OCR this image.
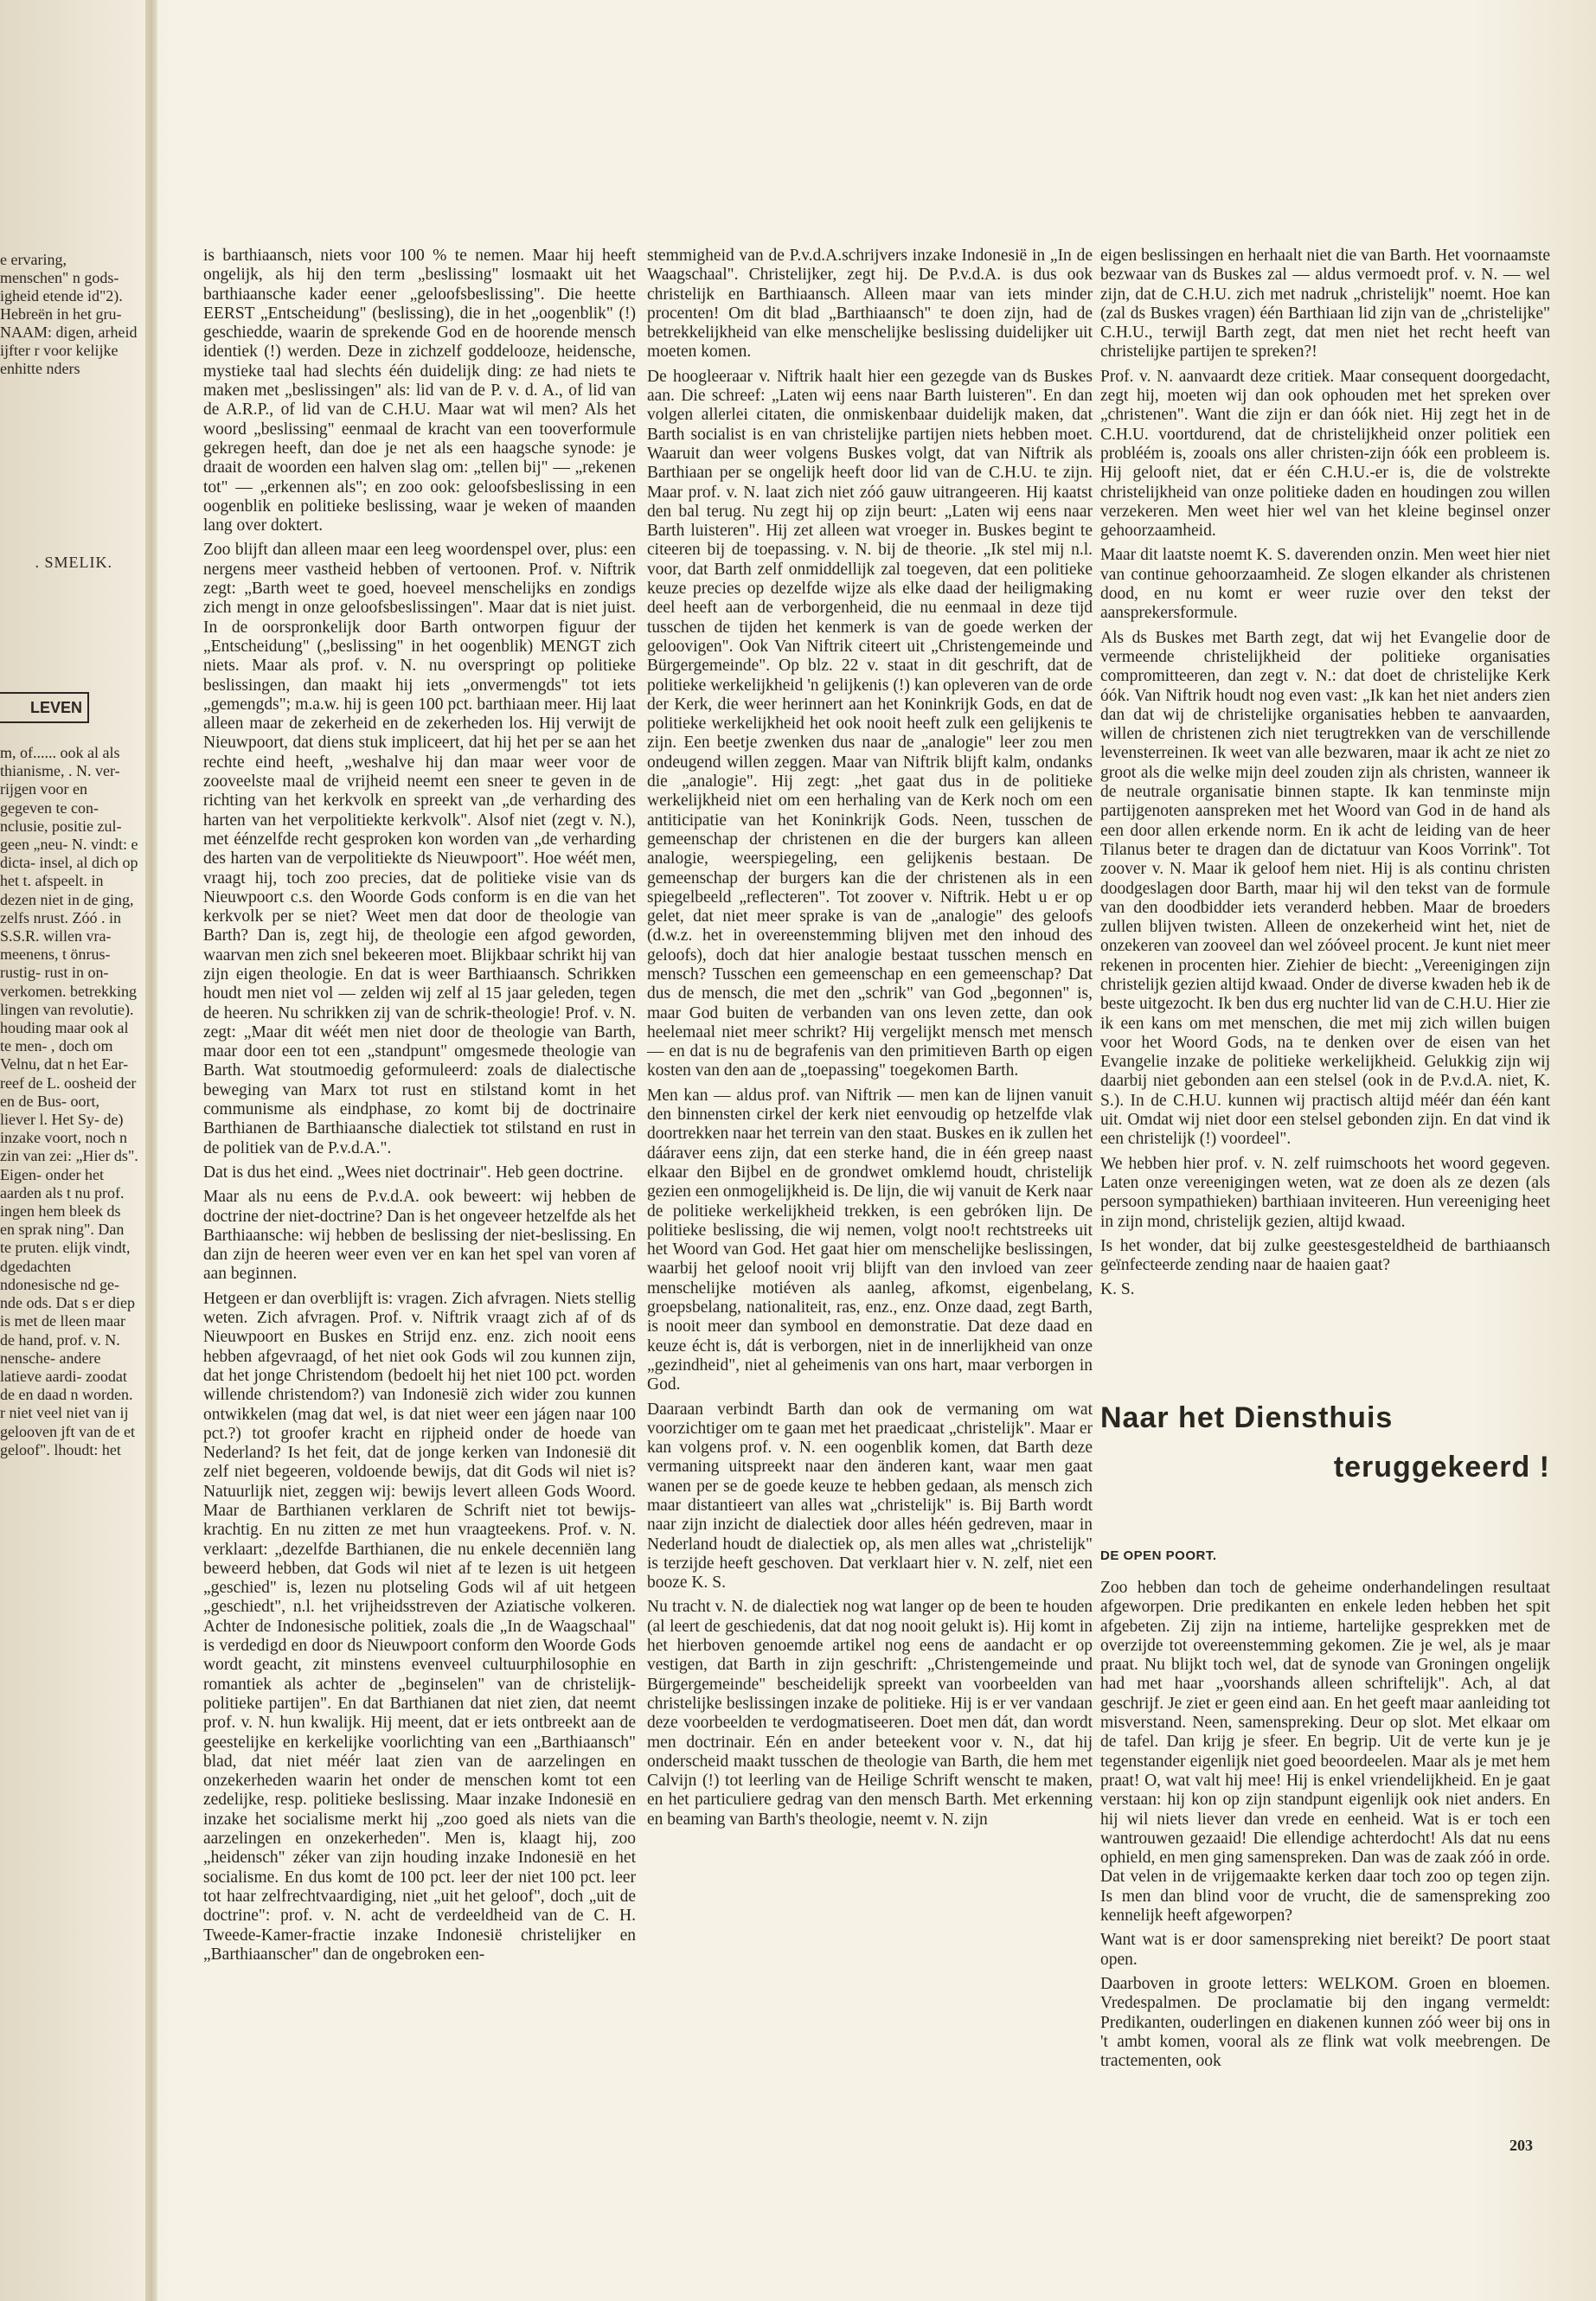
e ervaring, menschen" n gods- igheid etende id"2). Hebreën in het gru- NAAM: digen, arheid ijfter r voor kelijke enhitte nders
. SMELIK.
LEVEN
m, of...... ook al als thianisme, . N. ver- rijgen voor en gegeven te con- nclusie, positie zul- geen „neu- N. vindt: e dicta- insel, al dich op het t. afspeelt. in dezen niet in de ging, zelfs nrust. Zóó . in S.S.R. willen vra- meenens, t önrus- rustig- rust in on- verkomen. betrekking lingen van revolutie). houding maar ook al te men- , doch om Velnu, dat n het Ear- reef de L. oosheid der en de Bus- oort, liever l. Het Sy- de) inzake voort, noch n zin van zei: „Hier ds". Eigen- onder het aarden als t nu prof. ingen hem bleek ds en sprak ning". Dan te pruten. elijk vindt, dgedachten ndonesische nd ge- nde ods. Dat s er diep is met de lleen maar de hand, prof. v. N. nensche- andere latieve aardi- zoodat de en daad n worden. r niet veel niet van ij gelooven jft van de et geloof". lhoudt: het

is barthiaansch, niets voor 100 % te nemen. Maar hij heeft ongelijk, als hij den term „beslissing" losmaakt uit het barthiaansche kader eener „geloofsbeslissing". Die heette EERST „Entscheidung" (beslissing), die in het „oogenblik" (!) geschiedde, waarin de sprekende God en de hoorende mensch identiek (!) werden. Deze in zichzelf goddelooze, heidensche, mystieke taal had slechts één duidelijk ding: ze had niets te maken met „beslissingen" als: lid van de P. v. d. A., of lid van de A.R.P., of lid van de C.H.U. Maar wat wil men? Als het woord „beslissing" eenmaal de kracht van een tooverformule gekregen heeft, dan doe je net als een haagsche synode: je draait de woorden een halven slag om: „tellen bij" — „rekenen tot" — „erkennen als"; en zoo ook: geloofsbeslissing in een oogenblik en politieke beslissing, waar je weken of maanden lang over doktert.

Zoo blijft dan alleen maar een leeg woordenspel over, plus: een nergens meer vastheid hebben of vertoonen. Prof. v. Niftrik zegt: „Barth weet te goed, hoeveel menschelijks en zondigs zich mengt in onze geloofsbeslissingen". Maar dat is niet juist. In de oorspronkelijk door Barth ontworpen figuur der „Entscheidung" („beslissing" in het oogenblik) MENGT zich niets. Maar als prof. v. N. nu overspringt op politieke beslissingen, dan maakt hij iets „onvermengds" tot iets „gemengds"; m.a.w. hij is geen 100 pct. barthiaan meer. Hij laat alleen maar de zekerheid en de zekerheden los. Hij verwijt de Nieuwpoort, dat diens stuk impliceert, dat hij het per se aan het rechte eind heeft, „weshalve hij dan maar weer voor de zooveelste maal de vrijheid neemt een sneer te geven in de richting van het kerkvolk en spreekt van „de verharding des harten van het verpolitiekte kerkvolk". Alsof niet (zegt v. N.), met éénzelfde recht gesproken kon worden van „de verharding des harten van de verpolitiekte ds Nieuwpoort". Hoe wéét men, vraagt hij, toch zoo precies, dat de politieke visie van ds Nieuwpoort c.s. den Woorde Gods conform is en die van het kerkvolk per se niet? Weet men dat door de theologie van Barth? Dan is, zegt hij, de theologie een afgod geworden, waarvan men zich snel bekeeren moet. Blijkbaar schrikt hij van zijn eigen theologie. En dat is weer Barthiaansch. Schrikken houdt men niet vol — zelden wij zelf al 15 jaar geleden, tegen de heeren. Nu schrikken zij van de schrik-theologie! Prof. v. N. zegt: „Maar dit wéét men niet door de theologie van Barth, maar door een tot een „standpunt" omgesmede theologie van Barth. Wat stoutmoedig geformuleerd: zoals de dialectische beweging van Marx tot rust en stilstand komt in het communisme als eindphase, zo komt bij de doctrinaire Barthianen de Barthiaansche dialectiek tot stilstand en rust in de politiek van de P.v.d.A.".

Dat is dus het eind. „Wees niet doctrinair". Heb geen doctrine.

Maar als nu eens de P.v.d.A. ook beweert: wij hebben de doctrine der niet-doctrine? Dan is het ongeveer hetzelfde als het Barthiaansche: wij hebben de beslissing der niet-beslissing. En dan zijn de heeren weer even ver en kan het spel van voren af aan beginnen.

Hetgeen er dan overblijft is: vragen. Zich afvragen. Niets stellig weten. Zich afvragen. Prof. v. Niftrik vraagt zich af of ds Nieuwpoort en Buskes en Strijd enz. enz. zich nooit eens hebben afgevraagd, of het niet ook Gods wil zou kunnen zijn, dat het jonge Christendom (bedoelt hij het niet 100 pct. worden willende christendom?) van Indonesië zich wider zou kunnen ontwikkelen (mag dat wel, is dat niet weer een jágen naar 100 pct.?) tot groofer kracht en rijpheid onder de hoede van Nederland? Is het feit, dat de jonge kerken van Indonesië dit zelf niet begeeren, voldoende bewijs, dat dit Gods wil niet is? Natuurlijk niet, zeggen wij: bewijs levert alleen Gods Woord. Maar de Barthianen verklaren de Schrift niet tot bewijs-krachtig. En nu zitten ze met hun vraagteekens. Prof. v. N. verklaart: „dezelfde Barthianen, die nu enkele decenniën lang beweerd hebben, dat Gods wil niet af te lezen is uit hetgeen „geschied" is, lezen nu plotseling Gods wil af uit hetgeen „geschiedt", n.l. het vrijheidsstreven der Aziatische volkeren. Achter de Indonesische politiek, zoals die „In de Waagschaal" is verdedigd en door ds Nieuwpoort conform den Woorde Gods wordt geacht, zit minstens evenveel cultuurphilosophie en romantiek als achter de „beginselen" van de christelijk-politieke partijen". En dat Barthianen dat niet zien, dat neemt prof. v. N. hun kwalijk. Hij meent, dat er iets ontbreekt aan de geestelijke en kerkelijke voorlichting van een „Barthiaansch" blad, dat niet méér laat zien van de aarzelingen en onzekerheden waarin het onder de menschen komt tot een zedelijke, resp. politieke beslissing. Maar inzake Indonesië en inzake het socialisme merkt hij „zoo goed als niets van die aarzelingen en onzekerheden". Men is, klaagt hij, zoo „heidensch" zéker van zijn houding inzake Indonesië en het socialisme. En dus komt de 100 pct. leer der niet 100 pct. leer tot haar zelfrechtvaardiging, niet „uit het geloof", doch „uit de doctrine": prof. v. N. acht de verdeeldheid van de C. H. Tweede-Kamer-fractie inzake Indonesië christelijker en „Barthiaanscher" dan de ongebroken een-

stemmigheid van de P.v.d.A.schrijvers inzake Indonesië in „In de Waagschaal". Christelijker, zegt hij. De P.v.d.A. is dus ook christelijk en Barthiaansch. Alleen maar van iets minder procenten! Om dit blad „Barthiaansch" te doen zijn, had de betrekkelijkheid van elke menschelijke beslissing duidelijker uit moeten komen.

De hoogleeraar v. Niftrik haalt hier een gezegde van ds Buskes aan. Die schreef: „Laten wij eens naar Barth luisteren". En dan volgen allerlei citaten, die onmiskenbaar duidelijk maken, dat Barth socialist is en van christelijke partijen niets hebben moet. Waaruit dan weer volgens Buskes volgt, dat van Niftrik als Barthiaan per se ongelijk heeft door lid van de C.H.U. te zijn. Maar prof. v. N. laat zich niet zóó gauw uitrangeeren. Hij kaatst den bal terug. Nu zegt hij op zijn beurt: „Laten wij eens naar Barth luisteren". Hij zet alleen wat vroeger in. Buskes begint te citeeren bij de toepassing. v. N. bij de theorie. „Ik stel mij n.l. voor, dat Barth zelf onmiddellijk zal toegeven, dat een politieke keuze precies op dezelfde wijze als elke daad der heiligmaking deel heeft aan de verborgenheid, die nu eenmaal in deze tijd tusschen de tijden het kenmerk is van de goede werken der geloovigen". Ook Van Niftrik citeert uit „Christengemeinde und Bürgergemeinde". Op blz. 22 v. staat in dit geschrift, dat de politieke werkelijkheid 'n gelijkenis (!) kan opleveren van de orde der Kerk, die weer herinnert aan het Koninkrijk Gods, en dat de politieke werkelijkheid het ook nooit heeft zulk een gelijkenis te zijn. Een beetje zwenken dus naar de „analogie" leer zou men ondeugend willen zeggen. Maar van Niftrik blijft kalm, ondanks die „analogie". Hij zegt: „het gaat dus in de politieke werkelijkheid niet om een herhaling van de Kerk noch om een antiticipatie van het Koninkrijk Gods. Neen, tusschen de gemeenschap der christenen en die der burgers kan alleen analogie, weerspiegeling, een gelijkenis bestaan. De gemeenschap der burgers kan die der christenen als in een spiegelbeeld „reflecteren". Tot zoover v. Niftrik. Hebt u er op gelet, dat niet meer sprake is van de „analogie" des geloofs (d.w.z. het in overeenstemming blijven met den inhoud des geloofs), doch dat hier analogie bestaat tusschen mensch en mensch? Tusschen een gemeenschap en een gemeenschap? Dat dus de mensch, die met den „schrik" van God „begonnen" is, maar God buiten de verbanden van ons leven zette, dan ook heelemaal niet meer schrikt? Hij vergelijkt mensch met mensch — en dat is nu de begrafenis van den primitieven Barth op eigen kosten van den aan de „toepassing" toegekomen Barth.

Men kan — aldus prof. van Niftrik — men kan de lijnen vanuit den binnensten cirkel der kerk niet eenvoudig op hetzelfde vlak doortrekken naar het terrein van den staat. Buskes en ik zullen het dááraver eens zijn, dat een sterke hand, die in één greep naast elkaar den Bijbel en de grondwet omklemd houdt, christelijk gezien een onmogelijkheid is. De lijn, die wij vanuit de Kerk naar de politieke werkelijkheid trekken, is een gebróken lijn. De politieke beslissing, die wij nemen, volgt noo!t rechtstreeks uit het Woord van God. Het gaat hier om menschelijke beslissingen, waarbij het geloof nooit vrij blijft van den invloed van zeer menschelijke motiéven als aanleg, afkomst, eigenbelang, groepsbelang, nationaliteit, ras, enz., enz. Onze daad, zegt Barth, is nooit meer dan symbool en demonstratie. Dat deze daad en keuze écht is, dát is verborgen, niet in de innerlijkheid van onze „gezindheid", niet al geheimenis van ons hart, maar verborgen in God.

Daaraan verbindt Barth dan ook de vermaning om wat voorzichtiger om te gaan met het praedicaat „christelijk". Maar er kan volgens prof. v. N. een oogenblik komen, dat Barth deze vermaning uitspreekt naar den änderen kant, waar men gaat wanen per se de goede keuze te hebben gedaan, als mensch zich maar distantieert van alles wat „christelijk" is. Bij Barth wordt naar zijn inzicht de dialectiek door alles héén gedreven, maar in Nederland houdt de dialectiek op, als men alles wat „christelijk" is terzijde heeft geschoven. Dat verklaart hier v. N. zelf, niet een booze K. S.

Nu tracht v. N. de dialectiek nog wat langer op de been te houden (al leert de geschiedenis, dat dat nog nooit gelukt is). Hij komt in het hierboven genoemde artikel nog eens de aandacht er op vestigen, dat Barth in zijn geschrift: „Christengemeinde und Bürgergemeinde" bescheidelijk spreekt van voorbeelden van christelijke beslissingen inzake de politieke. Hij is er ver vandaan deze voorbeelden te verdogmatiseeren. Doet men dát, dan wordt men doctrinair. Eén en ander beteekent voor v. N., dat hij onderscheid maakt tusschen de theologie van Barth, die hem met Calvijn (!) tot leerling van de Heilige Schrift wenscht te maken, en het particuliere gedrag van den mensch Barth. Met erkenning en beaming van Barth's theologie, neemt v. N. zijn

eigen beslissingen en herhaalt niet die van Barth. Het voornaamste bezwaar van ds Buskes zal — aldus vermoedt prof. v. N. — wel zijn, dat de C.H.U. zich met nadruk „christelijk" noemt. Hoe kan (zal ds Buskes vragen) één Barthiaan lid zijn van de „christelijke" C.H.U., terwijl Barth zegt, dat men niet het recht heeft van christelijke partijen te spreken?!

Prof. v. N. aanvaardt deze critiek. Maar consequent doorgedacht, zegt hij, moeten wij dan ook ophouden met het spreken over „christenen". Want die zijn er dan óók niet. Hij zegt het in de C.H.U. voortdurend, dat de christelijkheid onzer politiek een probléém is, zooals ons aller christen-zijn óók een probleem is. Hij gelooft niet, dat er één C.H.U.-er is, die de volstrekte christelijkheid van onze politieke daden en houdingen zou willen verzekeren. Men weet hier wel van het kleine beginsel onzer gehoorzaamheid.

Maar dit laatste noemt K. S. daverenden onzin. Men weet hier niet van continue gehoorzaamheid. Ze slogen elkander als christenen dood, en nu komt er weer ruzie over den tekst der aansprekersformule.

Als ds Buskes met Barth zegt, dat wij het Evangelie door de vermeende christelijkheid der politieke organisaties compromitteeren, dan zegt v. N.: dat doet de christelijke Kerk óók. Van Niftrik houdt nog even vast: „Ik kan het niet anders zien dan dat wij de christelijke organisaties hebben te aanvaarden, willen de christenen zich niet terugtrekken van de verschillende levensterreinen. Ik weet van alle bezwaren, maar ik acht ze niet zo groot als die welke mijn deel zouden zijn als christen, wanneer ik de neutrale organisatie binnen stapte. Ik kan tenminste mijn partijgenoten aanspreken met het Woord van God in de hand als een door allen erkende norm. En ik acht de leiding van de heer Tilanus beter te dragen dan de dictatuur van Koos Vorrink". Tot zoover v. N. Maar ik geloof hem niet. Hij is als continu christen doodgeslagen door Barth, maar hij wil den tekst van de formule van den doodbidder iets veranderd hebben. Maar de broeders zullen blijven twisten. Alleen de onzekerheid wint het, niet de onzekeren van zooveel dan wel zóóveel procent. Je kunt niet meer rekenen in procenten hier. Ziehier de biecht: „Vereenigingen zijn christelijk gezien altijd kwaad. Onder de diverse kwaden heb ik de beste uitgezocht. Ik ben dus erg nuchter lid van de C.H.U. Hier zie ik een kans om met menschen, die met mij zich willen buigen voor het Woord Gods, na te denken over de eisen van het Evangelie inzake de politieke werkelijkheid. Gelukkig zijn wij daarbij niet gebonden aan een stelsel (ook in de P.v.d.A. niet, K. S.). In de C.H.U. kunnen wij practisch altijd méér dan één kant uit. Omdat wij niet door een stelsel gebonden zijn. En dat vind ik een christelijk (!) voordeel".

We hebben hier prof. v. N. zelf ruimschoots het woord gegeven. Laten onze vereenigingen weten, wat ze doen als ze dezen (als persoon sympathieken) barthiaan inviteeren. Hun vereeniging heet in zijn mond, christelijk gezien, altijd kwaad.

Is het wonder, dat bij zulke geestesgesteldheid de barthiaansch geïnfecteerde zending naar de haaien gaat?

K. S.

Naar het Diensthuis
teruggekeerd !
DE OPEN POORT.

Zoo hebben dan toch de geheime onderhandelingen resultaat afgeworpen. Drie predikanten en enkele leden hebben het spit afgebeten. Zij zijn na intieme, hartelijke gesprekken met de overzijde tot overeenstemming gekomen. Zie je wel, als je maar praat. Nu blijkt toch wel, dat de synode van Groningen ongelijk had met haar „voorshands alleen schriftelijk". Ach, al dat geschrijf. Je ziet er geen eind aan. En het geeft maar aanleiding tot misverstand. Neen, samenspreking. Deur op slot. Met elkaar om de tafel. Dan krijg je sfeer. En begrip. Uit de verte kun je je tegenstander eigenlijk niet goed beoordeelen. Maar als je met hem praat! O, wat valt hij mee! Hij is enkel vriendelijkheid. En je gaat verstaan: hij kon op zijn standpunt eigenlijk ook niet anders. En hij wil niets liever dan vrede en eenheid. Wat is er toch een wantrouwen gezaaid! Die ellendige achterdocht! Als dat nu eens ophield, en men ging samenspreken. Dan was de zaak zóó in orde. Dat velen in de vrijgemaakte kerken daar toch zoo op tegen zijn. Is men dan blind voor de vrucht, die de samenspreking zoo kennelijk heeft afgeworpen?

Want wat is er door samenspreking niet bereikt? De poort staat open.

Daarboven in groote letters: WELKOM. Groen en bloemen. Vredespalmen. De proclamatie bij den ingang vermeldt: Predikanten, ouderlingen en diakenen kunnen zóó weer bij ons in 't ambt komen, vooral als ze flink wat volk meebrengen. De tractementen, ook

203
